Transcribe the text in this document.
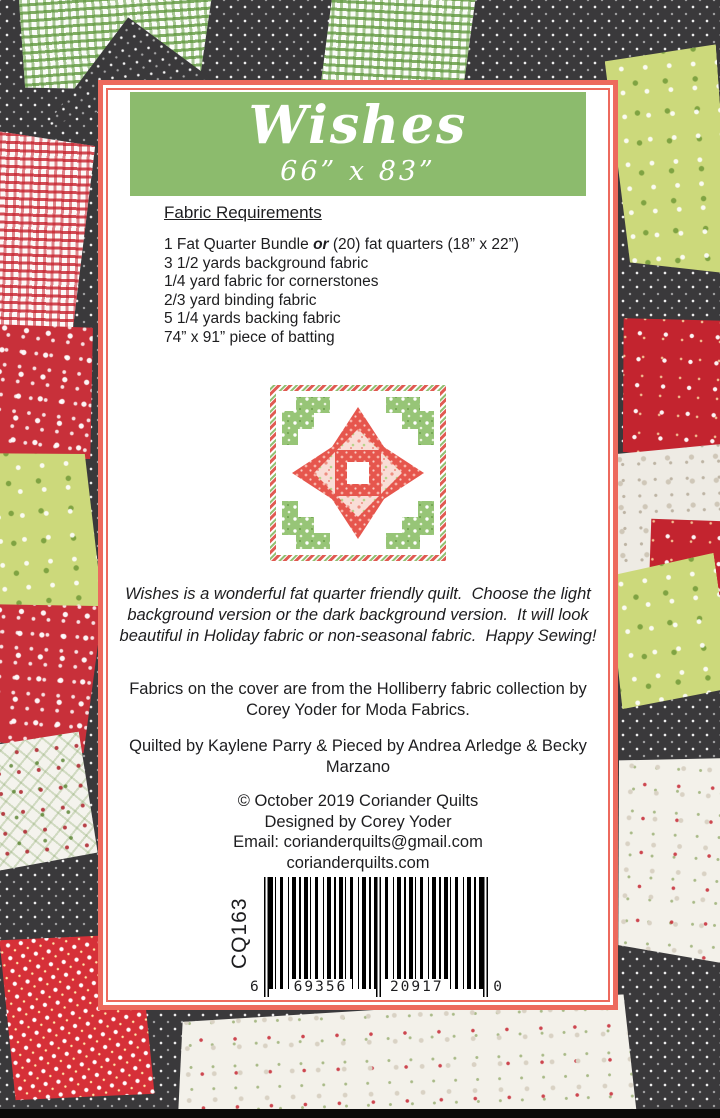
Wishes
66” x 83”
Fabric Requirements
1 Fat Quarter Bundle or (20) fat quarters (18” x 22”)
3 1/2 yards background fabric
1/4 yard fabric for cornerstones
2/3 yard binding fabric
5 1/4 yards backing fabric
74” x 91” piece of batting

Wishes is a wonderful fat quarter friendly quilt.  Choose the light background version or the dark background version.  It will look beautiful in Holiday fabric or non-seasonal fabric.  Happy Sewing!

Fabrics on the cover are from the Holliberry fabric collection by Corey Yoder for Moda Fabrics.

Quilted by Kaylene Parry & Pieced by Andrea Arledge & Becky Marzano

© October 2019 Coriander Quilts
Designed by Corey Yoder
Email: corianderquilts@gmail.com
corianderquilts.com
CQ163
6	69356	20917	0
